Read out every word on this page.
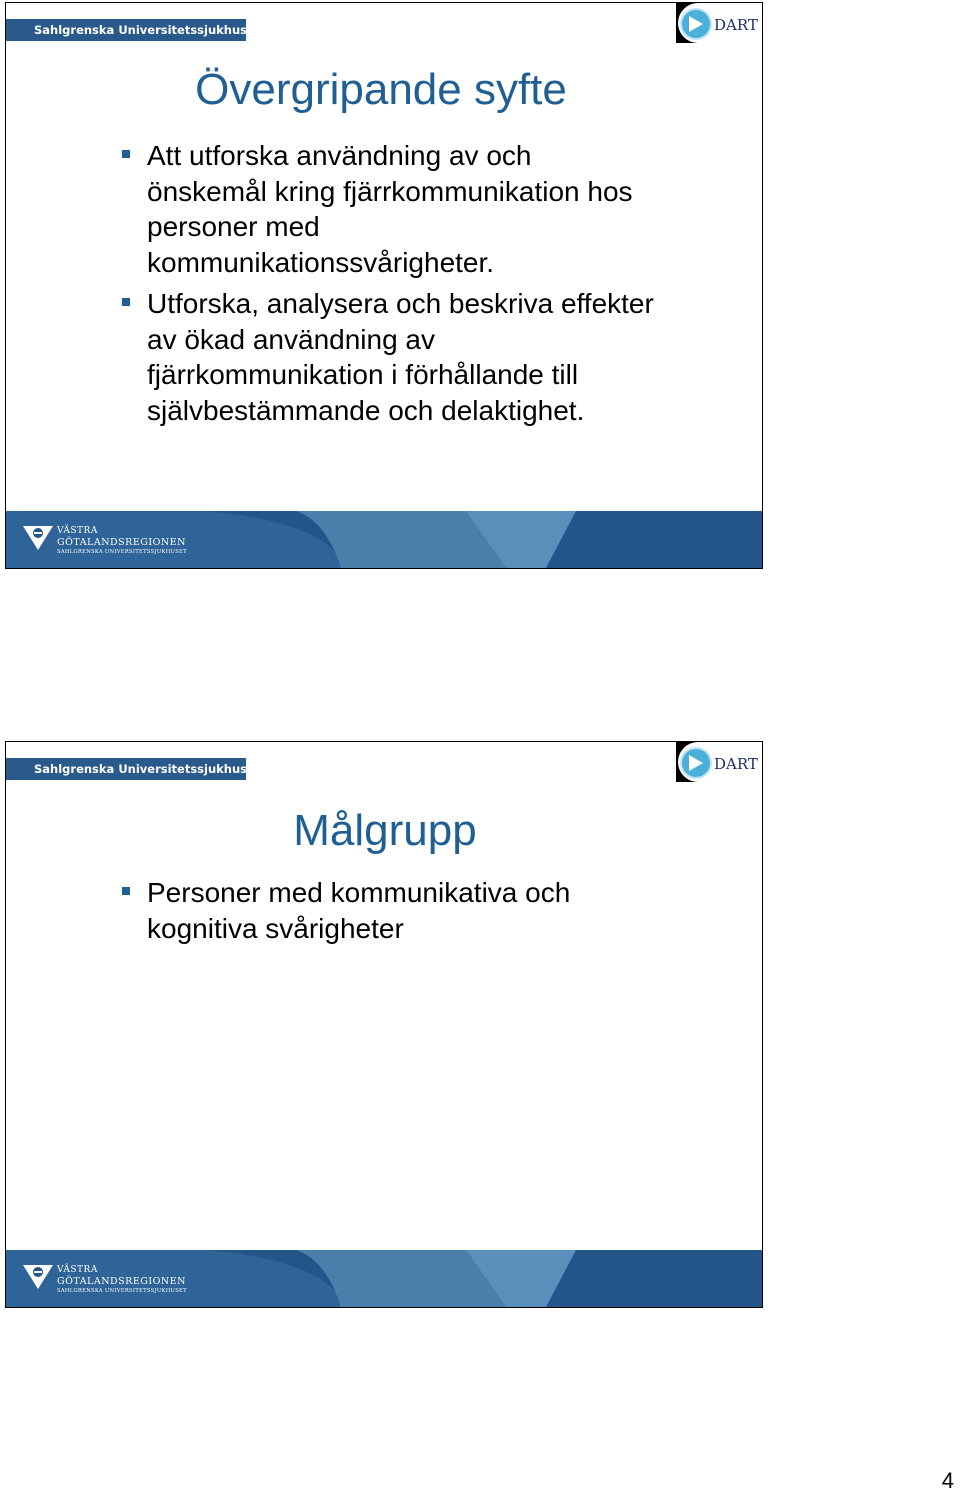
Sahlgrenska Universitetssjukhuset	DART
Övergripande syfte
Att utforska användning av och önskemål kring fjärrkommunikation hos personer med kommunikationssvårigheter.
Utforska, analysera och beskriva effekter av ökad användning av fjärrkommunikation i förhållande till självbestämmande och delaktighet.
VÄSTRA
GÖTALANDSREGIONEN
SAHLGRENSKA UNIVERSITETSSJUKHUSET
Sahlgrenska Universitetssjukhuset	DART
Målgrupp
Personer med kommunikativa och kognitiva svårigheter
VÄSTRA
GÖTALANDSREGIONEN
SAHLGRENSKA UNIVERSITETSSJUKHUSET
4
